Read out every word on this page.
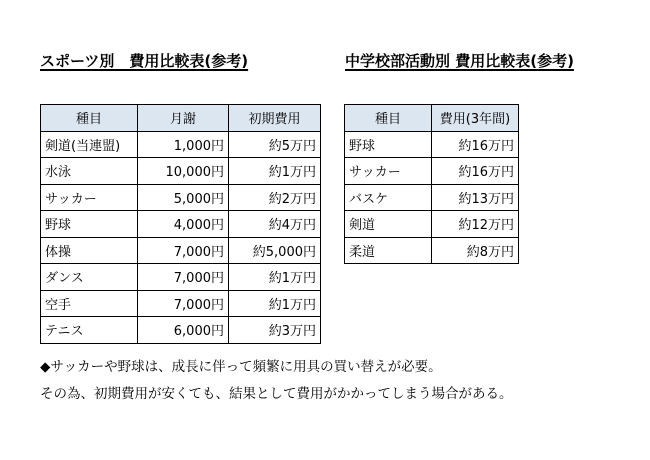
スポーツ別　費用比較表(参考)	中学校部活動別 費用比較表(参考)
種目	月謝	初期費用
剣道(当連盟)	1,000円	約5万円
水泳	10,000円	約1万円
サッカー	5,000円	約2万円
野球	4,000円	約4万円
体操	7,000円	約5,000円
ダンス	7,000円	約1万円
空手	7,000円	約1万円
テニス	6,000円	約3万円
種目	費用(3年間)
野球	約16万円
サッカー	約16万円
バスケ	約13万円
剣道	約12万円
柔道	約8万円
◆サッカーや野球は、成長に伴って頻繁に用具の買い替えが必要。
その為、初期費用が安くても、結果として費用がかかってしまう場合がある。
